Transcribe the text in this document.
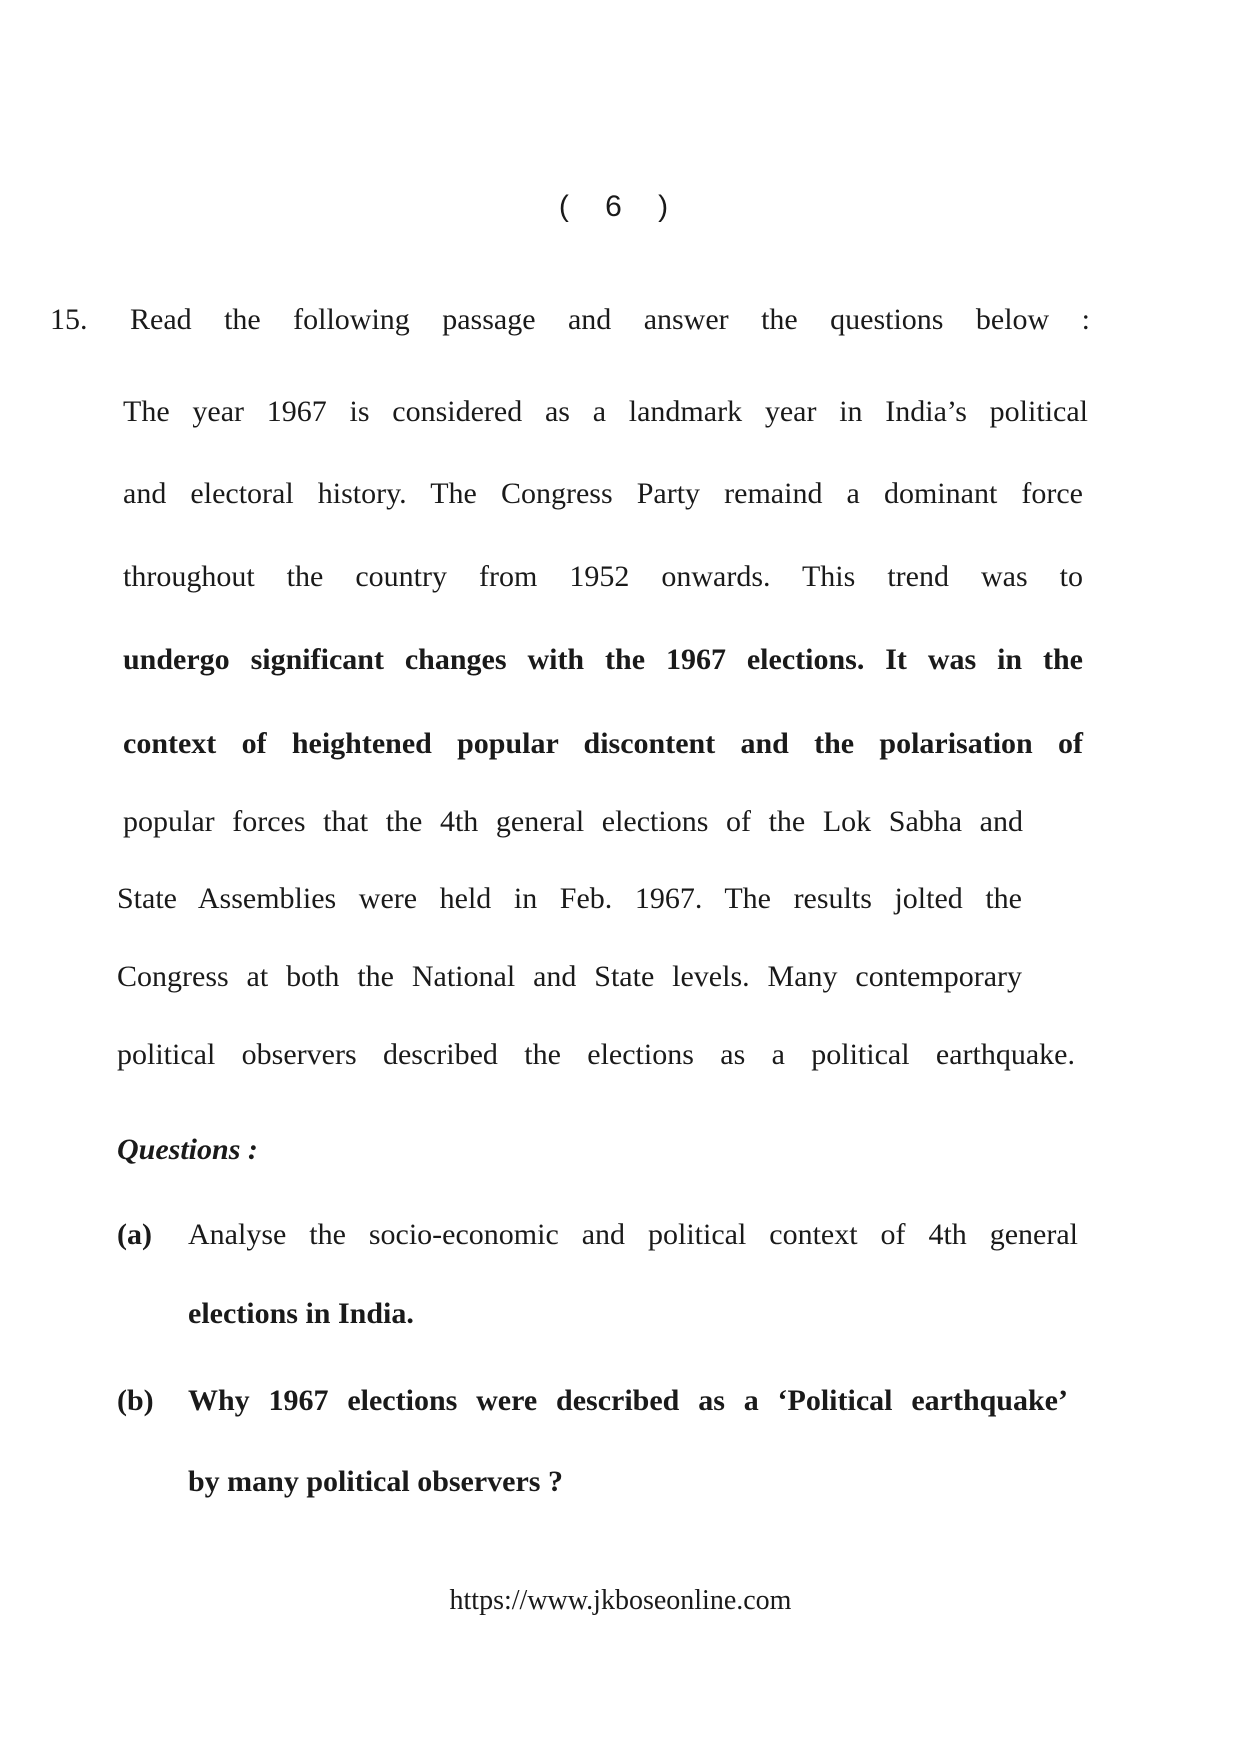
( 6 )
15. Read the following passage and answer the questions below :
The year 1967 is considered as a landmark year in India’s political
and electoral history. The Congress Party remaind a dominant force
throughout the country from 1952 onwards. This trend was to
undergo significant changes with the 1967 elections. It was in the
context of heightened popular discontent and the polarisation of
popular forces that the 4th general elections of the Lok Sabha and
State Assemblies were held in Feb. 1967. The results jolted the
Congress at both the National and State levels. Many contemporary
political observers described the elections as a political earthquake.
Questions :
(a) Analyse the socio-economic and political context of 4th general
elections in India.
(b) Why 1967 elections were described as a ‘Political earthquake’
by many political observers ?
https://www.jkboseonline.com
